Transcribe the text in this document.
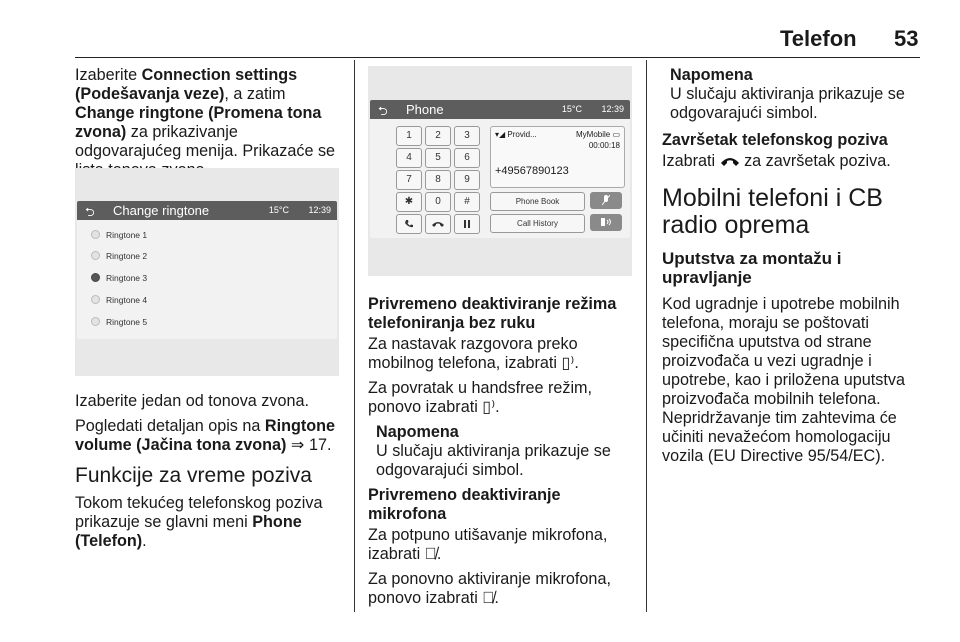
Telefon 53

Izaberite Connection settings (Podešavanja veze), a zatim Change ringtone (Promena tona zvona) za prikazivanje odgovarajućeg menija. Prikazaće se

⮌ Change ringtone	15°C 12:39
Ringtone 1
Ringtone 2
Ringtone 3
Ringtone 4
Ringtone 5

Izaberite jedan od tonova zvona.

Pogledati detaljan opis na Ringtone volume (Jačina tona zvona) ⇒ 17.

Funkcije za vreme poziva

Tokom tekućeg telefonskog poziva prikazuje se glavni meni Phone (Telefon).

⮌ Phone	15°C 12:39
1	2	3
4	5	6
7	8	9
✱	0	#
▾◢ Provid...	MyMobile ▭
00:00:18
+49567890123
Phone Book
Call History

Privremeno deaktiviranje režima telefoniranja bez ruku

Za nastavak razgovora preko mobilnog telefona, izabrati ▯⁾.

Za povratak u handsfree režim, ponovo izabrati ▯⁾.

Napomena
U slučaju aktiviranja prikazuje se odgovarajući simbol.

Privremeno deaktiviranje mikrofona

Za potpuno utišavanje mikrofona, izabrati 🎙̸.

Za ponovno aktiviranje mikrofona, ponovo izabrati 🎙̸.

Napomena
U slučaju aktiviranja prikazuje se odgovarajući simbol.

Završetak telefonskog poziva

Izabrati  za završetak poziva.

Mobilni telefoni i CB radio oprema

Uputstva za montažu i upravljanje

Kod ugradnje i upotrebe mobilnih telefona, moraju se poštovati specifična uputstva od strane proizvođača u vezi ugradnje i upotrebe, kao i priložena uputstva proizvođača mobilnih telefona. Nepridržavanje tim zahtevima će učiniti nevažećom homologaciju vozila (EU Directive 95/54/EC).
